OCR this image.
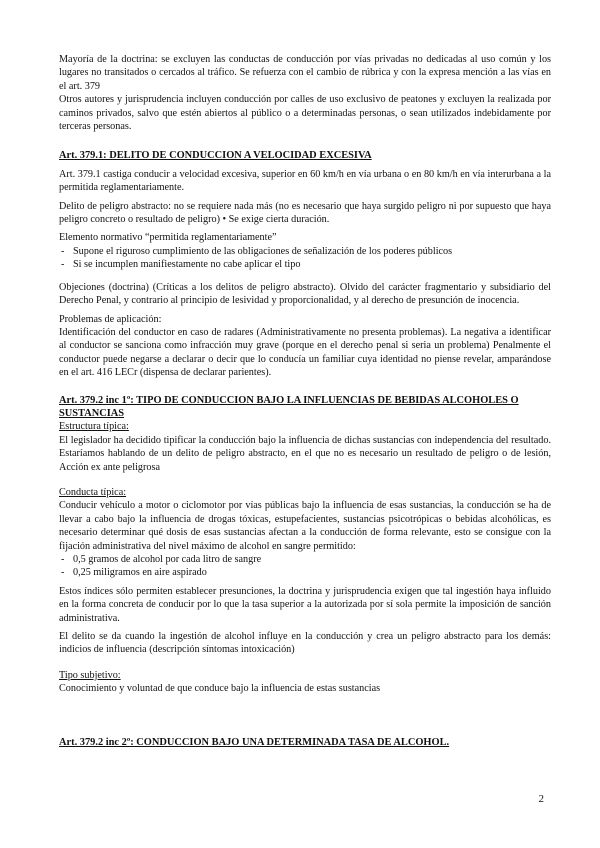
Mayoría de la doctrina: se excluyen las conductas de conducción por vías privadas no dedicadas al uso común y los lugares no transitados o cercados al tráfico. Se refuerza con el cambio de rúbrica y con la expresa mención a las vías en el art. 379

Otros autores y jurisprudencia incluyen conducción por calles de uso exclusivo de peatones y excluyen la realizada por caminos privados, salvo que estén abiertos al público o a determinadas personas, o sean utilizados indebidamente por terceras personas.

Art. 379.1: DELITO DE CONDUCCION A VELOCIDAD EXCESIVA

Art. 379.1 castiga conducir a velocidad excesiva, superior en 60 km/h en vía urbana o en 80 km/h en vía interurbana a la permitida reglamentariamente.

Delito de peligro abstracto: no se requiere nada más (no es necesario que haya surgido peligro ni por supuesto que haya peligro concreto o resultado de peligro) • Se exige cierta duración.

Elemento normativo “permitida reglamentariamente”

- Supone el riguroso cumplimiento de las obligaciones de señalización de los poderes públicos
- Si se incumplen manifiestamente no cabe aplicar el tipo

Objeciones (doctrina) (Críticas a los delitos de peligro abstracto). Olvido del carácter fragmentario y subsidiario del Derecho Penal, y contrario al principio de lesividad y proporcionalidad, y al derecho de presunción de inocencia.

Problemas de aplicación:

Identificación del conductor en caso de radares (Administrativamente no presenta problemas). La negativa a identificar al conductor se sanciona como infracción muy grave (porque en el derecho penal si seria un problema) Penalmente el conductor puede negarse a declarar o decir que lo conducía un familiar cuya identidad no piense revelar, amparándose en el art. 416 LECr (dispensa de declarar parientes).

Art. 379.2 inc 1º: TIPO DE CONDUCCION BAJO LA INFLUENCIAS DE BEBIDAS ALCOHOLES O SUSTANCIAS

Estructura típica:

El legislador ha decidido tipificar la conducción bajo la influencia de dichas sustancias con independencia del resultado. Estaríamos hablando de un delito de peligro abstracto, en el que no es necesario un resultado de peligro o de lesión, Acción ex ante peligrosa

Conducta típica:

Conducir vehículo a motor o ciclomotor por vías públicas bajo la influencia de esas sustancias, la conducción se ha de llevar a cabo bajo la influencia de drogas tóxicas, estupefacientes, sustancias psicotrópicas o bebidas alcohólicas, es necesario determinar qué dosis de esas sustancias afectan a la conducción de forma relevante, esto se consigue con la fijación administrativa del nivel máximo de alcohol en sangre permitido:

- 0,5 gramos de alcohol por cada litro de sangre
- 0,25 miligramos en aire aspirado

Estos índices sólo permiten establecer presunciones, la doctrina y jurisprudencia exigen que tal ingestión haya influido en la forma concreta de conducir por lo que la tasa superior a la autorizada por sí sola permite la imposición de sanción administrativa.

El delito se da cuando la ingestión de alcohol influye en la conducción y crea un peligro abstracto para los demás: indicios de influencia (descripción síntomas intoxicación)

Tipo subjetivo:

Conocimiento y voluntad de que conduce bajo la influencia de estas sustancias

Art. 379.2 inc 2º: CONDUCCION BAJO UNA DETERMINADA TASA DE ALCOHOL.

2
